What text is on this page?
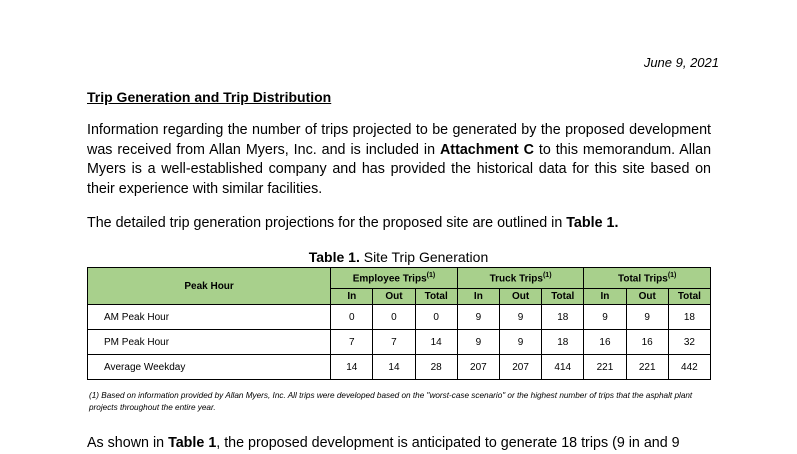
June 9, 2021
Trip Generation and Trip Distribution
Information regarding the number of trips projected to be generated by the proposed development was received from Allan Myers, Inc. and is included in Attachment C to this memorandum. Allan Myers is a well-established company and has provided the historical data for this site based on their experience with similar facilities.
The detailed trip generation projections for the proposed site are outlined in Table 1.
Table 1. Site Trip Generation
Peak Hour	Employee Trips$^{(1)}$			Truck Trips$^{(1)}$			Total Trips$^{(1)}$
	In	Out	Total	In	Out	Total	In	Out	Total
AM Peak Hour	0	0	0	9	9	18	9	9	18
PM Peak Hour	7	7	14	9	9	18	16	16	32
Average Weekday	14	14	28	207	207	414	221	221	442
(1) Based on information provided by Allan Myers, Inc. All trips were developed based on the "worst-case scenario" or the highest number of trips that the asphalt plant projects throughout the entire year.
As shown in Table 1, the proposed development is anticipated to generate 18 trips (9 in and 9
